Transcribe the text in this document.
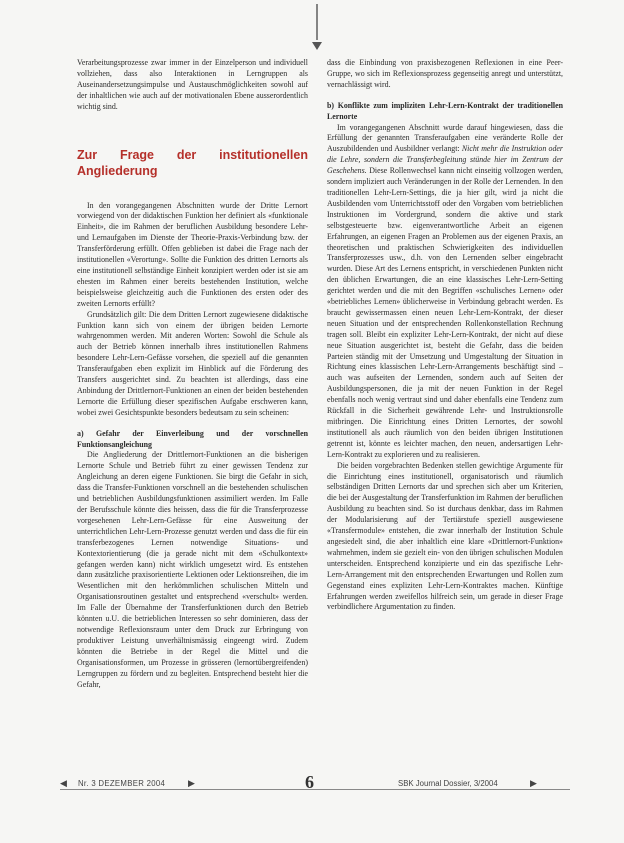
Verarbeitungsprozesse zwar immer in der Einzelperson und individuell vollziehen, dass also Interaktionen in Lerngruppen als Auseinandersetzungsimpulse und Austauschmöglichkeiten sowohl auf der inhaltlichen wie auch auf der motivationalen Ebene ausserordentlich wichtig sind.

Zur Frage der institutionellen Angliederung

In den vorangegangenen Abschnitten wurde der Dritte Lernort vorwiegend von der didaktischen Funktion her definiert als «funktionale Einheit», die im Rahmen der beruflichen Ausbildung besondere Lehr- und Lernaufgaben im Dienste der Theorie-Praxis-Verbindung bzw. der Transferförderung erfüllt. Offen geblieben ist dabei die Frage nach der institutionellen «Verortung». Sollte die Funktion des dritten Lernorts als eine institutionell selbständige Einheit konzipiert werden oder ist sie am ehesten im Rahmen einer bereits bestehenden Institution, welche beispielsweise gleichzeitig auch die Funktionen des ersten oder des zweiten Lernorts erfüllt?

Grundsätzlich gilt: Die dem Dritten Lernort zugewiesene didaktische Funktion kann sich von einem der übrigen beiden Lernorte wahrgenommen werden. Mit anderen Worten: Sowohl die Schule als auch der Betrieb können innerhalb ihres institutionellen Rahmens besondere Lehr-Lern-Gefässe vorsehen, die speziell auf die genannten Transferaufgaben eben explizit im Hinblick auf die Förderung des Transfers ausgerichtet sind. Zu beachten ist allerdings, dass eine Anbindung der Drittlernort-Funktionen an einen der beiden bestehenden Lernorte die Erfüllung dieser spezifischen Aufgabe erschweren kann, wobei zwei Gesichtspunkte besonders bedeutsam zu sein scheinen:

a) Gefahr der Einverleibung und der vorschnellen Funktionsangleichung

Die Angliederung der Drittlernort-Funktionen an die bisherigen Lernorte Schule und Betrieb führt zu einer gewissen Tendenz zur Angleichung an deren eigene Funktionen. Sie birgt die Gefahr in sich, dass die Transfer-Funktionen vorschnell an die bestehenden schulischen und betrieblichen Ausbildungsfunktionen assimiliert werden. Im Falle der Berufsschule könnte dies heissen, dass die für die Transferprozesse vorgesehenen Lehr-Lern-Gefässe für eine Ausweitung der unterrichtlichen Lehr-Lern-Prozesse genutzt werden und dass die für ein transferbezogenes Lernen notwendige Situations- und Kontextorientierung (die ja gerade nicht mit dem «Schulkontext» gefangen werden kann) nicht wirklich umgesetzt wird. Es entstehen dann zusätzliche praxisorientierte Lektionen oder Lektionsreihen, die im Wesentlichen mit den herkömmlichen schulischen Mitteln und Organisationsroutinen gestaltet und entsprechend «verschult» werden. Im Falle der Übernahme der Transferfunktionen durch den Betrieb könnten u.U. die betrieblichen Interessen so sehr dominieren, dass der notwendige Reflexionsraum unter dem Druck zur Erbringung von produktiver Leistung unverhältnismässig eingeengt wird. Zudem könnten die Betriebe in der Regel die Mittel und die Organisationsformen, um Prozesse in grösseren (lernortübergreifenden) Lerngruppen zu fördern und zu begleiten. Entsprechend besteht hier die Gefahr,

dass die Einbindung von praxisbezogenen Reflexionen in eine Peer-Gruppe, wo sich im Reflexionsprozess gegenseitig anregt und unterstützt, vernachlässigt wird.

b) Konflikte zum impliziten Lehr-Lern-Kontrakt der traditionellen Lernorte

Im vorangegangenen Abschnitt wurde darauf hingewiesen, dass die Erfüllung der genannten Transferaufgaben eine veränderte Rolle der Auszubildenden und Ausbildner verlangt: Nicht mehr die Instruktion oder die Lehre, sondern die Transferbegleitung stünde hier im Zentrum der Geschehens. Diese Rollenwechsel kann nicht einseitig vollzogen werden, sondern impliziert auch Veränderungen in der Rolle der Lernenden. In den traditionellen Lehr-Lern-Settings, die ja hier gilt, wird ja nicht die Ausbildenden vom Unterrichtsstoff oder den Vorgaben vom betrieblichen Instruktionen im Vordergrund, sondern die aktive und stark selbstgesteuerte bzw. eigenverantwortliche Arbeit an eigenen Erfahrungen, an eigenen Fragen an Problemen aus der eigenen Praxis, an theoretischen und praktischen Schwierigkeiten des individuellen Transferprozesses usw., d.h. von den Lernenden selber eingebracht wurden. Diese Art des Lernens entspricht, in verschiedenen Punkten nicht den üblichen Erwartungen, die an eine klassisches Lehr-Lern-Setting gerichtet werden und die mit den Begriffen «schulisches Lernen» oder «betriebliches Lernen» üblicherweise in Verbindung gebracht werden. Es braucht gewissermassen einen neuen Lehr-Lern-Kontrakt, der dieser neuen Situation und der entsprechenden Rollenkonstellation Rechnung tragen soll. Bleibt ein expliziter Lehr-Lern-Kontrakt, der nicht auf diese neue Situation ausgerichtet ist, besteht die Gefahr, dass die beiden Parteien ständig mit der Umsetzung und Umgestaltung der Situation in Richtung eines klassischen Lehr-Lern-Arrangements beschäftigt sind – auch was aufseiten der Lernenden, sondern auch auf Seiten der Ausbildungspersonen, die ja mit der neuen Funktion in der Regel ebenfalls noch wenig vertraut sind und daher ebenfalls eine Tendenz zum Rückfall in die Sicherheit gewährende Lehr- und Instruktionsrolle mitbringen. Die Einrichtung eines Dritten Lernortes, der sowohl institutionell als auch räumlich von den beiden übrigen Institutionen getrennt ist, könnte es leichter machen, den neuen, andersartigen Lehr-Lern-Kontrakt zu explorieren und zu realisieren.

Die beiden vorgebrachten Bedenken stellen gewichtige Argumente für die Einrichtung eines institutionell, organisatorisch und räumlich selbständigen Dritten Lernorts dar und sprechen sich aber um Kriterien, die bei der Ausgestaltung der Transferfunktion im Rahmen der beruflichen Ausbildung zu beachten sind. So ist durchaus denkbar, dass im Rahmen der Modularisierung auf der Tertiärstufe speziell ausgewiesene «Transfermodule» entstehen, die zwar innerhalb der Institution Schule angesiedelt sind, die aber inhaltlich eine klare «Drittlernort-Funktion» wahrnehmen, indem sie gezielt ein- von den übrigen schulischen Modulen unterscheiden. Entsprechend konzipierte und ein das spezifische Lehr-Lern-Arrangement mit den entsprechenden Erwartungen und Rollen zum Gegenstand eines expliziten Lehr-Lern-Kontraktes machen. Künftige Erfahrungen werden zweifellos hilfreich sein, um gerade in dieser Frage verbindlichere Argumentation zu finden.

◀ Nr. 3 DEZEMBER 2004	▶	6	SBK Journal Dossier, 3/2004	▶
